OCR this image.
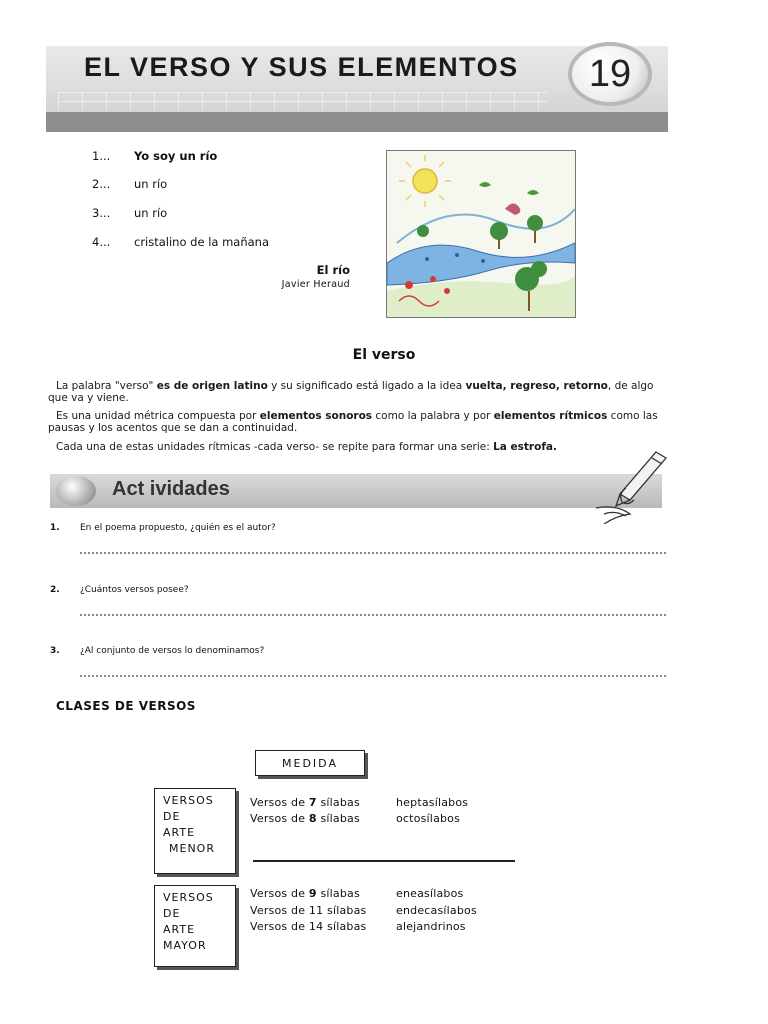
EL VERSO Y SUS ELEMENTOS	19
1... Yo soy un río
2... un río
3... un río
4... cristalino de la mañana
El río
Javier Heraud
El verso
La palabra "verso" es de origen latino y su significado está ligado a la idea vuelta, regreso, retorno, de algo que va y viene.
Es una unidad métrica compuesta por elementos sonoros como la palabra y por elementos rítmicos como las pausas y los acentos que se dan a continuidad.
Cada una de estas unidades rítmicas -cada verso- se repite para formar una serie: La estrofa.
Act ividades
1. En el poema propuesto, ¿quién es el autor?
2. ¿Cuántos versos posee?
3. ¿Al conjunto de versos lo denominamos?
CLASES DE VERSOS
MEDIDA
VERSOS
DE
ARTE
MENOR
Versos de 7 sílabas	heptasílabos
Versos de 8 sílabas	octosílabos
VERSOS
DE
ARTE
MAYOR
Versos de 9 sílabas	eneasílabos
Versos de 11 sílabas	endecasílabos
Versos de 14 sílabas	alejandrinos
